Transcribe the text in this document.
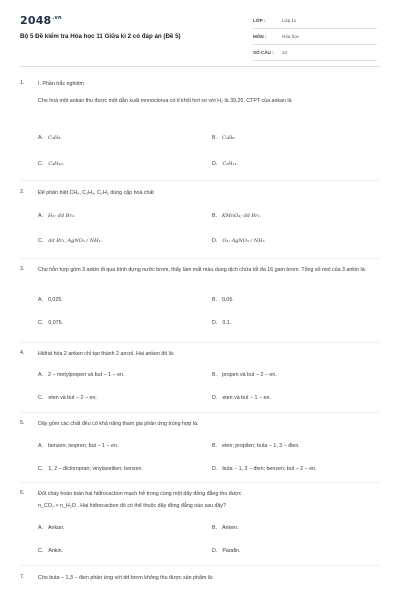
$2048^{.vn}$
Bộ 5 Đề kiểm tra Hóa học 11 Giữa kì 2 có đáp án (Đề 5)
LỚP :	Lớp 11
MÔN :	Hóa học
SỐ CÂU :	14
1.	I. Phần trắc nghiệm
Cho hoá một ankan thu được một dẫn xuất monoclorua có tỉ khối hơi so với H₂ là 39,25. CTPT của ankan là
A. C₃H₈.	B. C₅H₈.
C. C₄H₁₀.	D. C₅H₁₂.
2.	Để phân biệt CH₄, C₂H₄, C₂H₂ dùng cặp hoá chất
A. H₂; dd Br₂.	B. KMnO₄; dd Br₂.
C. dd Br₂, AgNO₃ / NH₃.	D. O₂; AgNO₃ / NH₃
3.	Cho hỗn hợp gồm 3 ankin đi qua bình đựng nước brom, thấy làm mất màu dung dịch chứa tối đa 16 gam brom. Tổng số mol của 3 ankin là:
A. 0,025.	B. 0,05.
C. 0,075.	D. 0,1.
4.	Hiđrat hóa 2 anken chỉ tạo thành 2 ancol. Hai anken đó là:
A. 2 − metylpropen và but − 1 − en.	B. propen và but − 2 − en.
C. eten và but − 2 − en.	D. eten và but − 1 − en.
5.	Dãy gồm các chất đều có khả năng tham gia phản ứng trùng hợp là:
A. benzen; isopren; but − 1 − en.	B. eten; propilen; buta − 1, 3 − đien.
C. 1, 2 − đicloropran; vinylaxetilen; benzen.	D. buta − 1, 3 − đien; benzen; but − 2 − en.
6.	Đốt cháy hoàn toàn hai hiđrocacbon mạch hở trong cùng một dãy đồng đẳng thu được
n_CO₂ > n_H₂O . Hai hiđrocacbon đó có thể thuộc dãy đồng đẳng nào sau đây?
A. Ankan.	B. Anken.
C. Ankin.	D. Parafin.
7.	Cho buta − 1,3 − đien phản ứng với dd brom không thu được sản phẩm là:
